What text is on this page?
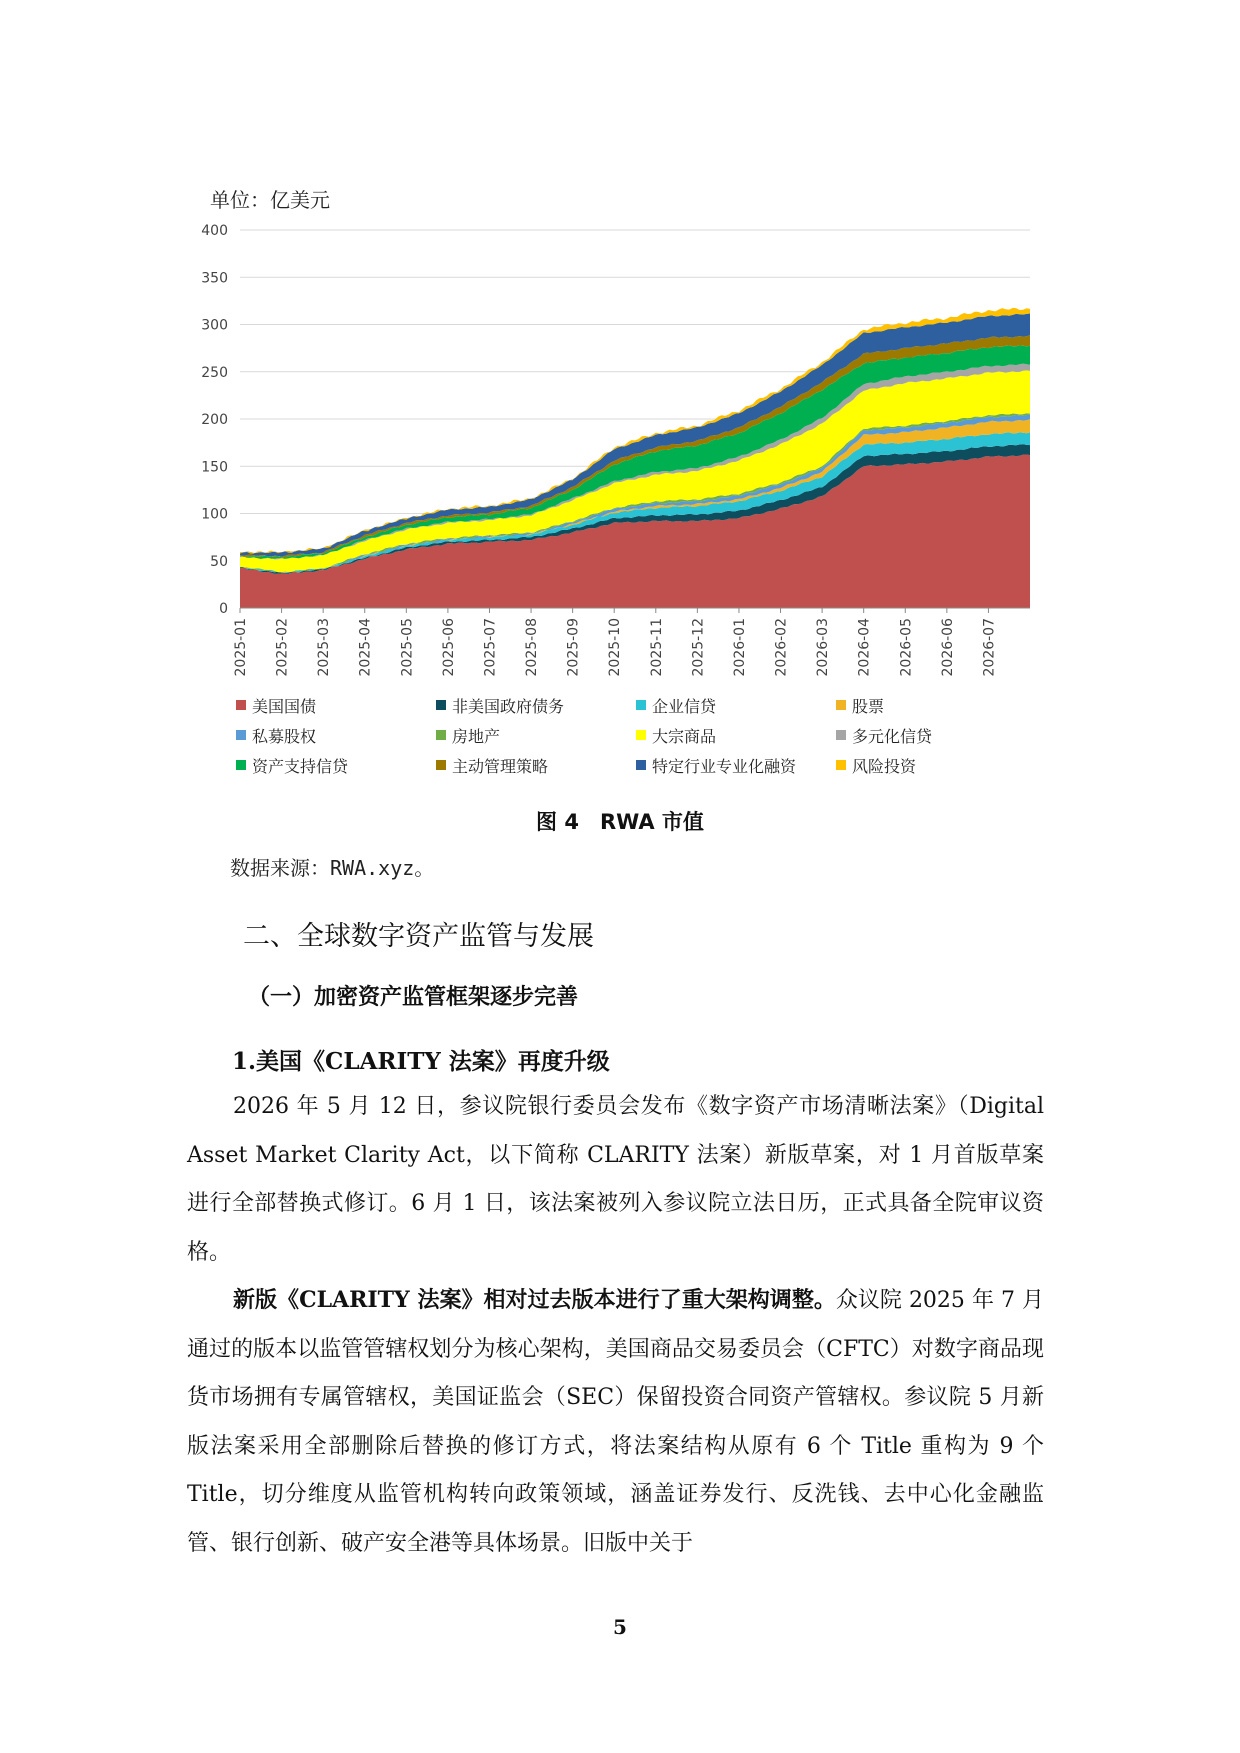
单位：亿美元
0
50
100
150
200
250
300
350
400
2025-01 2025-02 2025-03 2025-04 2025-05 2025-06 2025-07 2025-08 2025-09 2025-10 2025-11 2025-12 2026-01 2026-02 2026-03 2026-04 2026-05 2026-06 2026-07
美国国债	非美国政府债务	企业信贷	股票
私募股权	房地产	大宗商品	多元化信贷
资产支持信贷	主动管理策略	特定行业专业化融资	风险投资
图 4　RWA 市值
数据来源：RWA.xyz。
二、全球数字资产监管与发展
（一）加密资产监管框架逐步完善
1.美国《CLARITY 法案》再度升级

2026 年 5 月 12 日，参议院银行委员会发布《数字资产市场清晰法案》（Digital Asset Market Clarity Act，以下简称 CLARITY 法案）新版草案，对 1 月首版草案进行全部替换式修订。6 月 1 日，该法案被列入参议院立法日历，正式具备全院审议资格。

新版《CLARITY 法案》相对过去版本进行了重大架构调整。众议院 2025 年 7 月通过的版本以监管管辖权划分为核心架构，美国商品交易委员会（CFTC）对数字商品现货市场拥有专属管辖权，美国证监会（SEC）保留投资合同资产管辖权。参议院 5 月新版法案采用全部删除后替换的修订方式，将法案结构从原有 6 个 Title 重构为 9 个 Title，切分维度从监管机构转向政策领域，涵盖证券发行、反洗钱、去中心化金融监管、银行创新、破产安全港等具体场景。旧版中关于

5
